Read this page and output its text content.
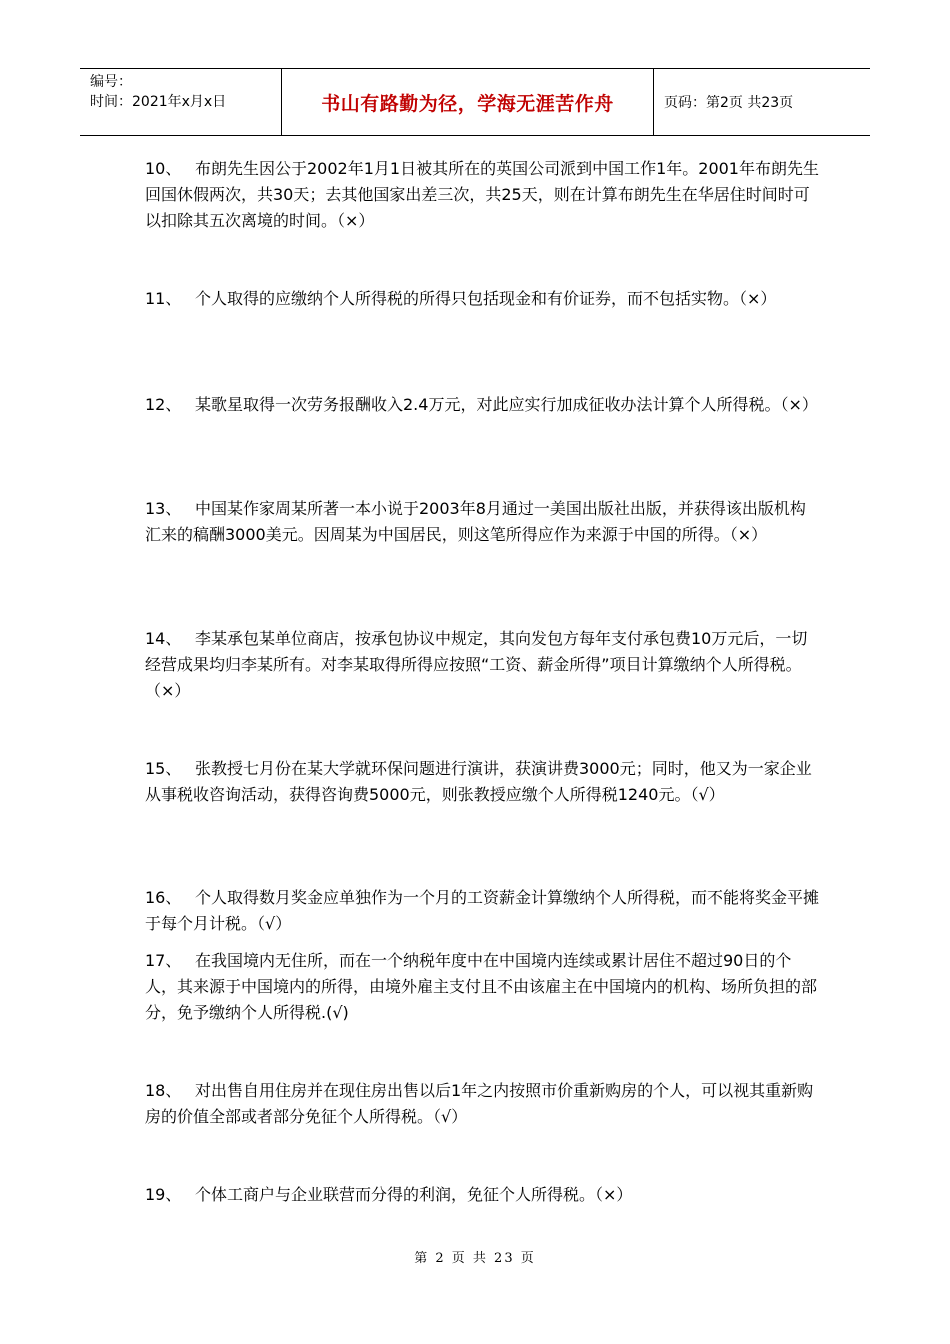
编号：
时间：2021年x月x日	书山有路勤为径，学海无涯苦作舟	页码：第2页 共23页

10、 布朗先生因公于2002年1月1日被其所在的英国公司派到中国工作1年。2001年布朗先生回国休假两次，共30天；去其他国家出差三次，共25天，则在计算布朗先生在华居住时间时可以扣除其五次离境的时间。（×）

11、 个人取得的应缴纳个人所得税的所得只包括现金和有价证券，而不包括实物。（×）

12、 某歌星取得一次劳务报酬收入2.4万元，对此应实行加成征收办法计算个人所得税。（×）

13、 中国某作家周某所著一本小说于2003年8月通过一美国出版社出版，并获得该出版机构汇来的稿酬3000美元。因周某为中国居民，则这笔所得应作为来源于中国的所得。（×）

14、 李某承包某单位商店，按承包协议中规定，其向发包方每年支付承包费10万元后，一切经营成果均归李某所有。对李某取得所得应按照“工资、薪金所得”项目计算缴纳个人所得税。（×）

15、 张教授七月份在某大学就环保问题进行演讲，获演讲费3000元；同时，他又为一家企业从事税收咨询活动，获得咨询费5000元，则张教授应缴个人所得税1240元。（√）

16、 个人取得数月奖金应单独作为一个月的工资薪金计算缴纳个人所得税，而不能将奖金平摊于每个月计税。（√）

17、 在我国境内无住所，而在一个纳税年度中在中国境内连续或累计居住不超过90日的个人，其来源于中国境内的所得，由境外雇主支付且不由该雇主在中国境内的机构、场所负担的部分，免予缴纳个人所得税.(√)

18、 对出售自用住房并在现住房出售以后1年之内按照市价重新购房的个人，可以视其重新购房的价值全部或者部分免征个人所得税。（√）

19、 个体工商户与企业联营而分得的利润，免征个人所得税。（×）

第 2 页 共 23 页
